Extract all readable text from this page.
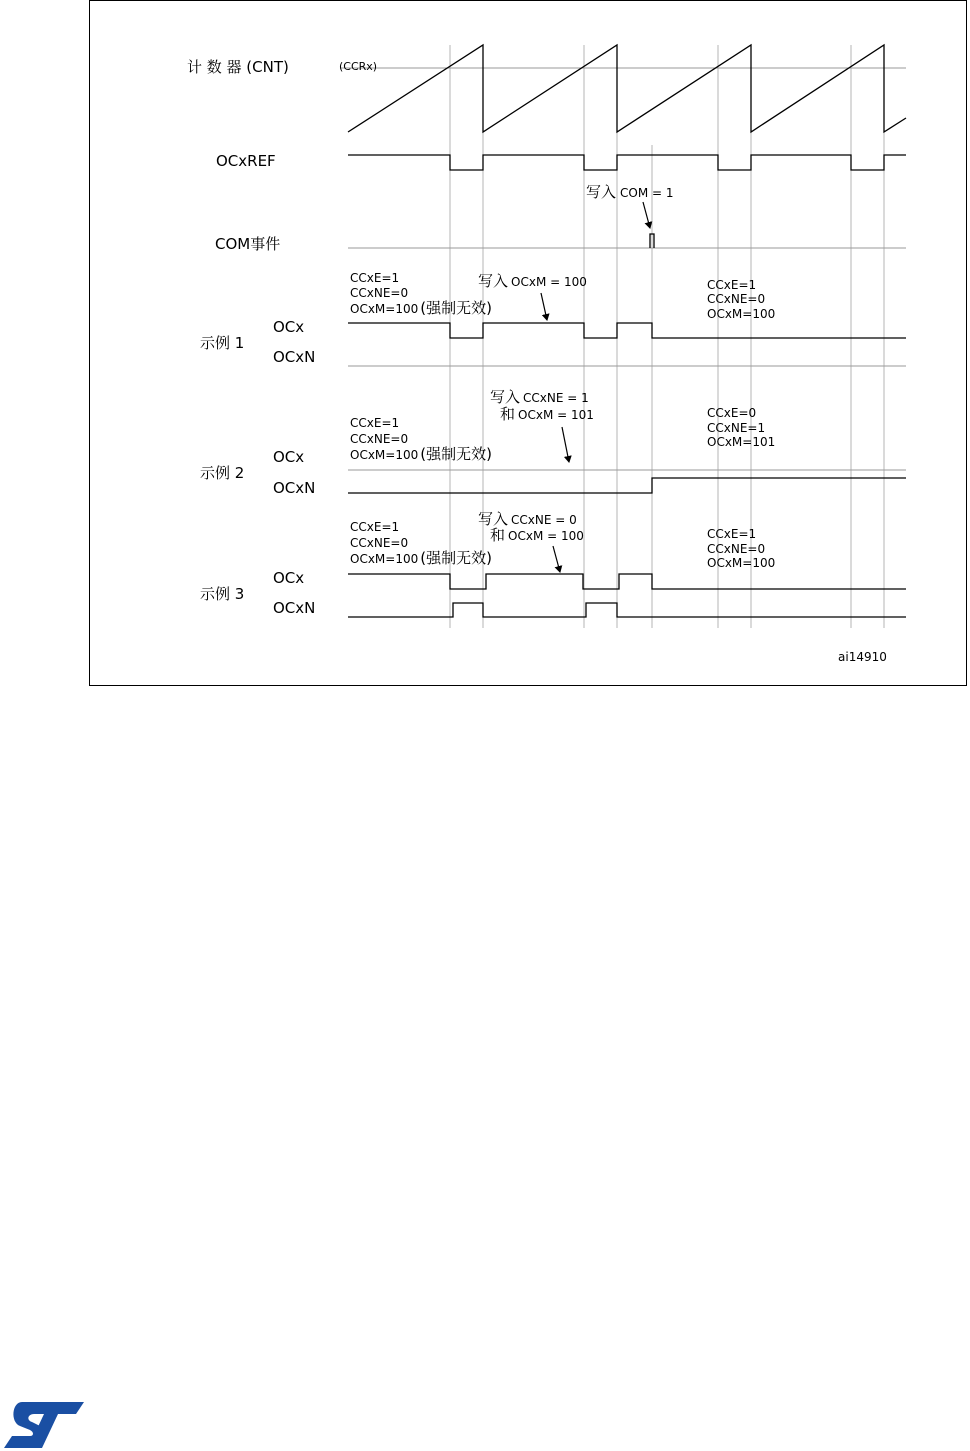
计 数 器 (CNT)	(CCRx)
OCxREF
COM事件
写入 COM = 1
示例 1
OCx
OCxN
CCxE=1
CCxNE=0
OCxM=100 (强制无效)
写入 OCxM = 100	CCxE=1
CCxNE=0
OCxM=100
示例 2
OCx
OCxN
CCxE=1
CCxNE=0
OCxM=100 (强制无效)
写入 CCxNE = 1
和 OCxM = 101	CCxE=0
CCxNE=1
OCxM=101
示例 3
OCx
OCxN
CCxE=1
CCxNE=0
OCxM=100 (强制无效)
写入 CCxNE = 0
和 OCxM = 100	CCxE=1
CCxNE=0
OCxM=100
ai14910
